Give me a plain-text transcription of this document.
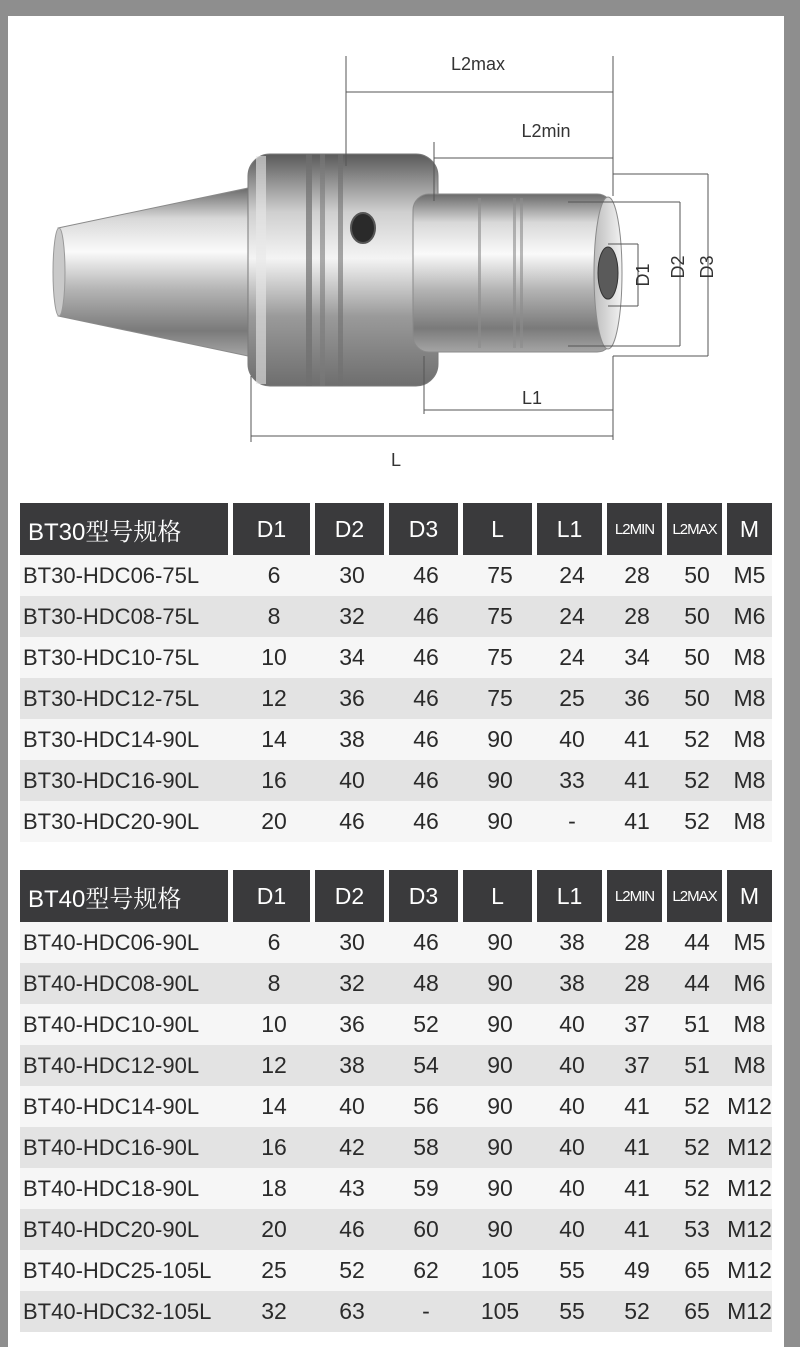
L2max
L2min
D1 D2 D3
L1
L
BT30型号规格	D1	D2	D3	L	L1	L2MIN	L2MAX	M
BT30-HDC06-75L	6	30	46	75	24	28	50	M5
BT30-HDC08-75L	8	32	46	75	24	28	50	M6
BT30-HDC10-75L	10	34	46	75	24	34	50	M8
BT30-HDC12-75L	12	36	46	75	25	36	50	M8
BT30-HDC14-90L	14	38	46	90	40	41	52	M8
BT30-HDC16-90L	16	40	46	90	33	41	52	M8
BT30-HDC20-90L	20	46	46	90	-	41	52	M8
BT40型号规格	D1	D2	D3	L	L1	L2MIN	L2MAX	M
BT40-HDC06-90L	6	30	46	90	38	28	44	M5
BT40-HDC08-90L	8	32	48	90	38	28	44	M6
BT40-HDC10-90L	10	36	52	90	40	37	51	M8
BT40-HDC12-90L	12	38	54	90	40	37	51	M8
BT40-HDC14-90L	14	40	56	90	40	41	52	M12
BT40-HDC16-90L	16	42	58	90	40	41	52	M12
BT40-HDC18-90L	18	43	59	90	40	41	52	M12
BT40-HDC20-90L	20	46	60	90	40	41	53	M12
BT40-HDC25-105L	25	52	62	105	55	49	65	M12
BT40-HDC32-105L	32	63	-	105	55	52	65	M12
